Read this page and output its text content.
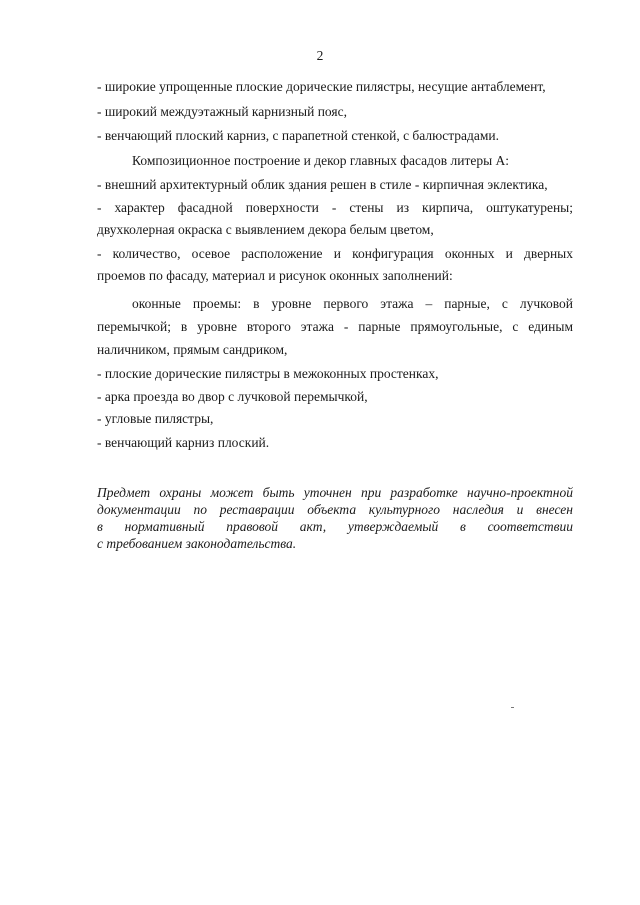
2
- широкие упрощенные плоские дорические пилястры, несущие антаблемент,
- широкий междуэтажный карнизный пояс,
- венчающий плоский карниз, с парапетной стенкой, с балюстрадами.
Композиционное построение и декор главных фасадов литеры А:
- внешний архитектурный облик здания решен в стиле - кирпичная эклектика,
- характер фасадной поверхности - стены из кирпича, оштукатурены;
двухколерная окраска с выявлением декора белым цветом,
- количество, осевое расположение и конфигурация оконных и дверных
проемов по фасаду, материал и рисунок оконных заполнений:
оконные проемы: в уровне первого этажа – парные, с лучковой
перемычкой; в уровне второго этажа - парные прямоугольные, с единым
наличником, прямым сандриком,
- плоские дорические пилястры в межоконных простенках,
- арка проезда во двор с лучковой перемычкой,
- угловые пилястры,
- венчающий карниз плоский.
Предмет охраны может быть уточнен при разработке научно-проектной
документации по реставрации объекта культурного наследия и внесен
в нормативный правовой акт, утверждаемый в соответствии
с требованием законодательства.
